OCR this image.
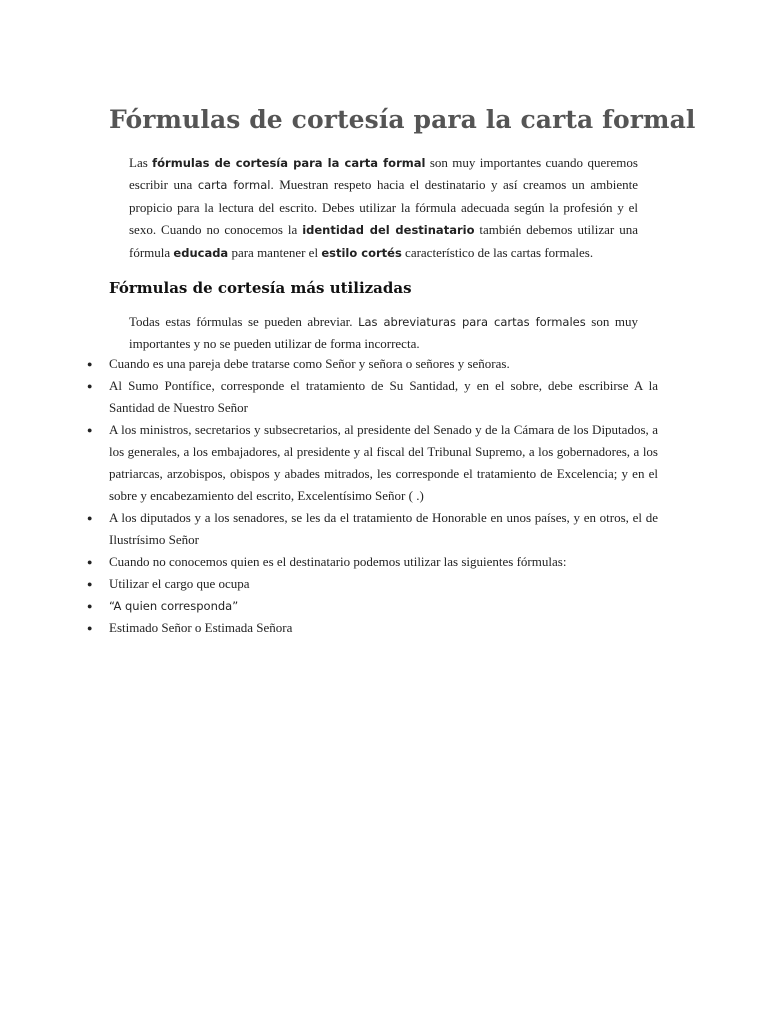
Fórmulas de cortesía para la carta formal

Las fórmulas de cortesía para la carta formal son muy importantes cuando queremos escribir una carta formal. Muestran respeto hacia el destinatario y así creamos un ambiente propicio para la lectura del escrito. Debes utilizar la fórmula adecuada según la profesión y el sexo. Cuando no conocemos la identidad del destinatario también debemos utilizar una fórmula educada para mantener el estilo cortés característico de las cartas formales.

Fórmulas de cortesía más utilizadas

Todas estas fórmulas se pueden abreviar. Las abreviaturas para cartas formales son muy importantes y no se pueden utilizar de forma incorrecta.

● Cuando es una pareja debe tratarse como Señor y señora o señores y señoras.
● Al Sumo Pontífice, corresponde el tratamiento de Su Santidad, y en el sobre, debe escribirse A la Santidad de Nuestro Señor
● A los ministros, secretarios y subsecretarios, al presidente del Senado y de la Cámara de los Diputados, a los generales, a los embajadores, al presidente y al fiscal del Tribunal Supremo, a los gobernadores, a los patriarcas, arzobispos, obispos y abades mitrados, les corresponde el tratamiento de Excelencia; y en el sobre y encabezamiento del escrito, Excelentísimo Señor ( .)
● A los diputados y a los senadores, se les da el tratamiento de Honorable en unos países, y en otros, el de Ilustrísimo Señor
● Cuando no conocemos quien es el destinatario podemos utilizar las siguientes fórmulas:
● Utilizar el cargo que ocupa
● “A quien corresponda”
● Estimado Señor o Estimada Señora
